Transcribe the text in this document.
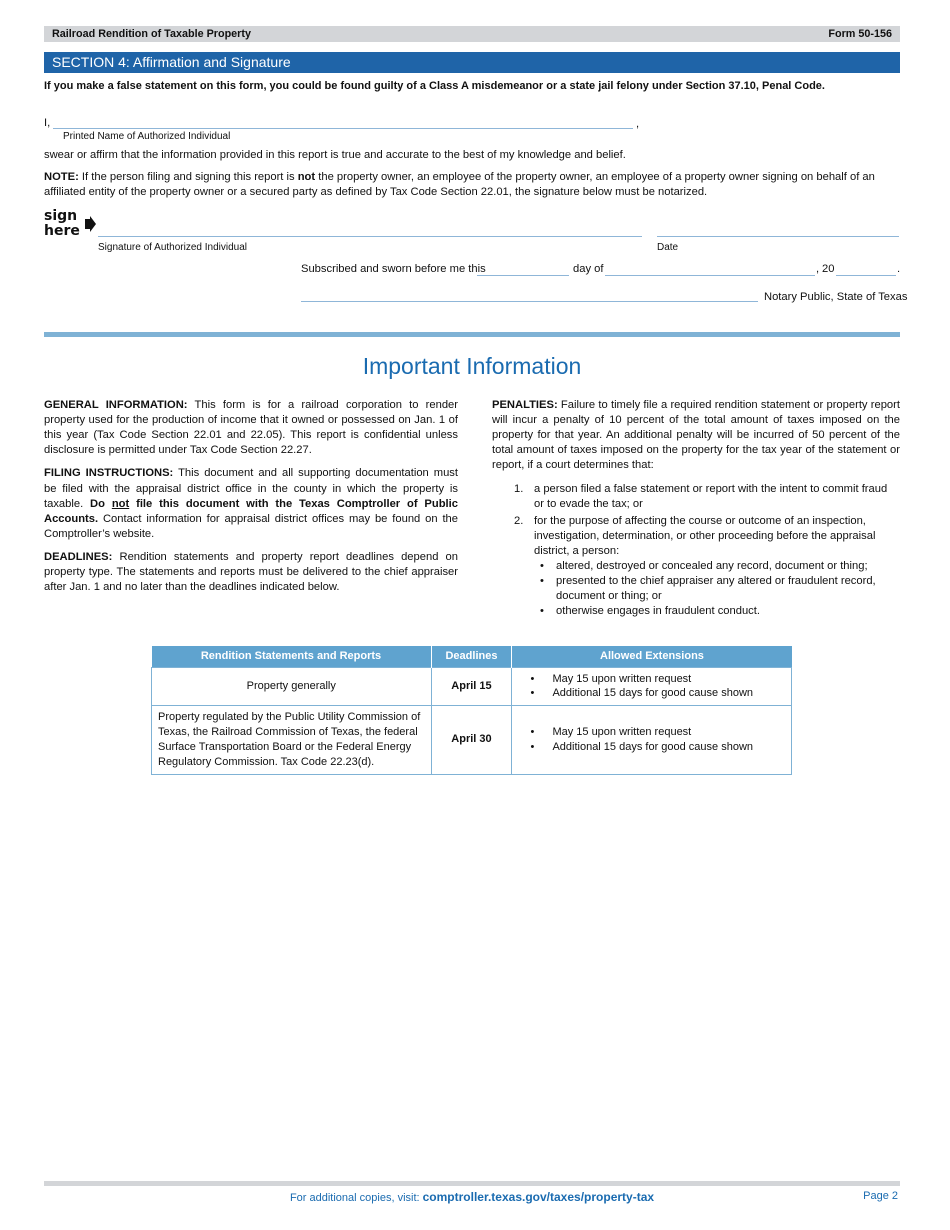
Railroad Rendition of Taxable Property	Form 50-156
SECTION 4: Affirmation and Signature
If you make a false statement on this form, you could be found guilty of a Class A misdemeanor or a state jail felony under Section 37.10, Penal Code.
I,	,
Printed Name of Authorized Individual
swear or affirm that the information provided in this report is true and accurate to the best of my knowledge and belief.
NOTE: If the person filing and signing this report is not the property owner, an employee of the property owner, an employee of a property owner signing on behalf of an affiliated entity of the property owner or a secured party as defined by Tax Code Section 22.01, the signature below must be notarized.
sign
here
Signature of Authorized Individual	Date
Subscribed and sworn before me this	day of	, 20	.
Notary Public, State of Texas
Important Information

GENERAL INFORMATION: This form is for a railroad corporation to render property used for the production of income that it owned or possessed on Jan. 1 of this year (Tax Code Section 22.01 and 22.05). This report is confidential unless disclosure is permitted under Tax Code Section 22.27.

FILING INSTRUCTIONS: This document and all supporting documentation must be filed with the appraisal district office in the county in which the property is taxable. Do not file this document with the Texas Comptroller of Public Accounts. Contact information for appraisal district offices may be found on the Comptroller’s website.

DEADLINES: Rendition statements and property report deadlines depend on property type. The statements and reports must be delivered to the chief appraiser after Jan. 1 and no later than the deadlines indicated below.

PENALTIES: Failure to timely file a required rendition statement or property report will incur a penalty of 10 percent of the total amount of taxes imposed on the property for that year. An additional penalty will be incurred of 50 percent of the total amount of taxes imposed on the property for the tax year of the statement or report, if a court determines that:

1. a person filed a false statement or report with the intent to commit fraud or to evade the tax; or
2. for the purpose of affecting the course or outcome of an inspection, investigation, determination, or other proceeding before the appraisal district, a person:
• altered, destroyed or concealed any record, document or thing;
• presented to the chief appraiser any altered or fraudulent record, document or thing; or
• otherwise engages in fraudulent conduct.
Rendition Statements and Reports	Deadlines	Allowed Extensions
Property generally	April 15	• May 15 upon written request
• Additional 15 days for good cause shown

Property regulated by the Public Utility Commission of Texas, the Railroad Commission of Texas, the federal Surface Transportation Board or the Federal Energy Regulatory Commission. Tax Code 22.23(d).	April 30	• May 15 upon written request
• Additional 15 days for good cause shown
For additional copies, visit: comptroller.texas.gov/taxes/property-tax	Page 2
